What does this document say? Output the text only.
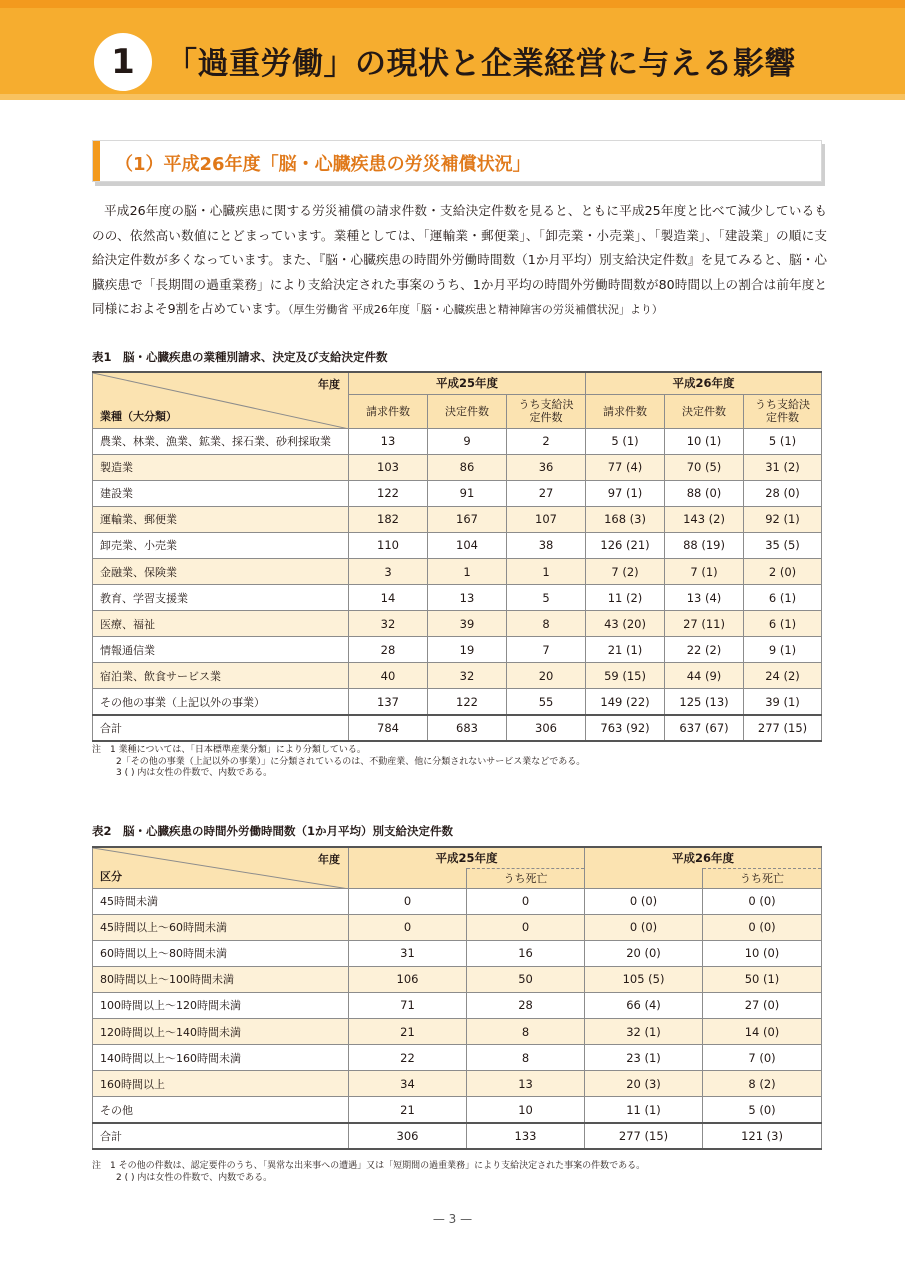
1	「過重労働」の現状と企業経営に与える影響
（1）平成26年度「脳・心臓疾患の労災補償状況」
平成26年度の脳・心臓疾患に関する労災補償の請求件数・支給決定件数を見ると、ともに平成25年度と比べて減少しているものの、依然高い数値にとどまっています。業種としては、「運輸業・郵便業」、「卸売業・小売業」、「製造業」、「建設業」の順に支給決定件数が多くなっています。また、『脳・心臓疾患の時間外労働時間数（1か月平均）別支給決定件数』を見てみると、脳・心臓疾患で「長期間の過重業務」により支給決定された事案のうち、1か月平均の時間外労働時間数が80時間以上の割合は前年度と同様におよそ9割を占めています。（厚生労働省 平成26年度「脳・心臓疾患と精神障害の労災補償状況」より）
表1　脳・心臓疾患の業種別請求、決定及び支給決定件数
年度
業種（大分類）	平成25年度			平成26年度		
	請求件数	決定件数	うち支給決定件数	請求件数	決定件数	うち支給決定件数
農業、林業、漁業、鉱業、採石業、砂利採取業	13	9	2	5 (1)	10 (1)	5 (1)
製造業	103	86	36	77 (4)	70 (5)	31 (2)
建設業	122	91	27	97 (1)	88 (0)	28 (0)
運輸業、郵便業	182	167	107	168 (3)	143 (2)	92 (1)
卸売業、小売業	110	104	38	126 (21)	88 (19)	35 (5)
金融業、保険業	3	1	1	7 (2)	7 (1)	2 (0)
教育、学習支援業	14	13	5	11 (2)	13 (4)	6 (1)
医療、福祉	32	39	8	43 (20)	27 (11)	6 (1)
情報通信業	28	19	7	21 (1)	22 (2)	9 (1)
宿泊業、飲食サービス業	40	32	20	59 (15)	44 (9)	24 (2)
その他の事業（上記以外の事業）	137	122	55	149 (22)	125 (13)	39 (1)
合計	784	683	306	763 (92)	637 (67)	277 (15)
注　1 業種については、「日本標準産業分類」により分類している。
2「その他の事業（上記以外の事業）」に分類されているのは、不動産業、他に分類されないサービス業などである。
3 ( ) 内は女性の件数で、内数である。
表2　脳・心臓疾患の時間外労働時間数（1か月平均）別支給決定件数
年度
区分	平成25年度		平成26年度	
		うち死亡		うち死亡
45時間未満	0	0	0 (0)	0 (0)
45時間以上～60時間未満	0	0	0 (0)	0 (0)
60時間以上～80時間未満	31	16	20 (0)	10 (0)
80時間以上～100時間未満	106	50	105 (5)	50 (1)
100時間以上～120時間未満	71	28	66 (4)	27 (0)
120時間以上～140時間未満	21	8	32 (1)	14 (0)
140時間以上～160時間未満	22	8	23 (1)	7 (0)
160時間以上	34	13	20 (3)	8 (2)
その他	21	10	11 (1)	5 (0)
合計	306	133	277 (15)	121 (3)
注　1 その他の件数は、認定要件のうち、「異常な出来事への遭遇」又は「短期間の過重業務」により支給決定された事案の件数である。
2 ( ) 内は女性の件数で、内数である。
— 3 —
